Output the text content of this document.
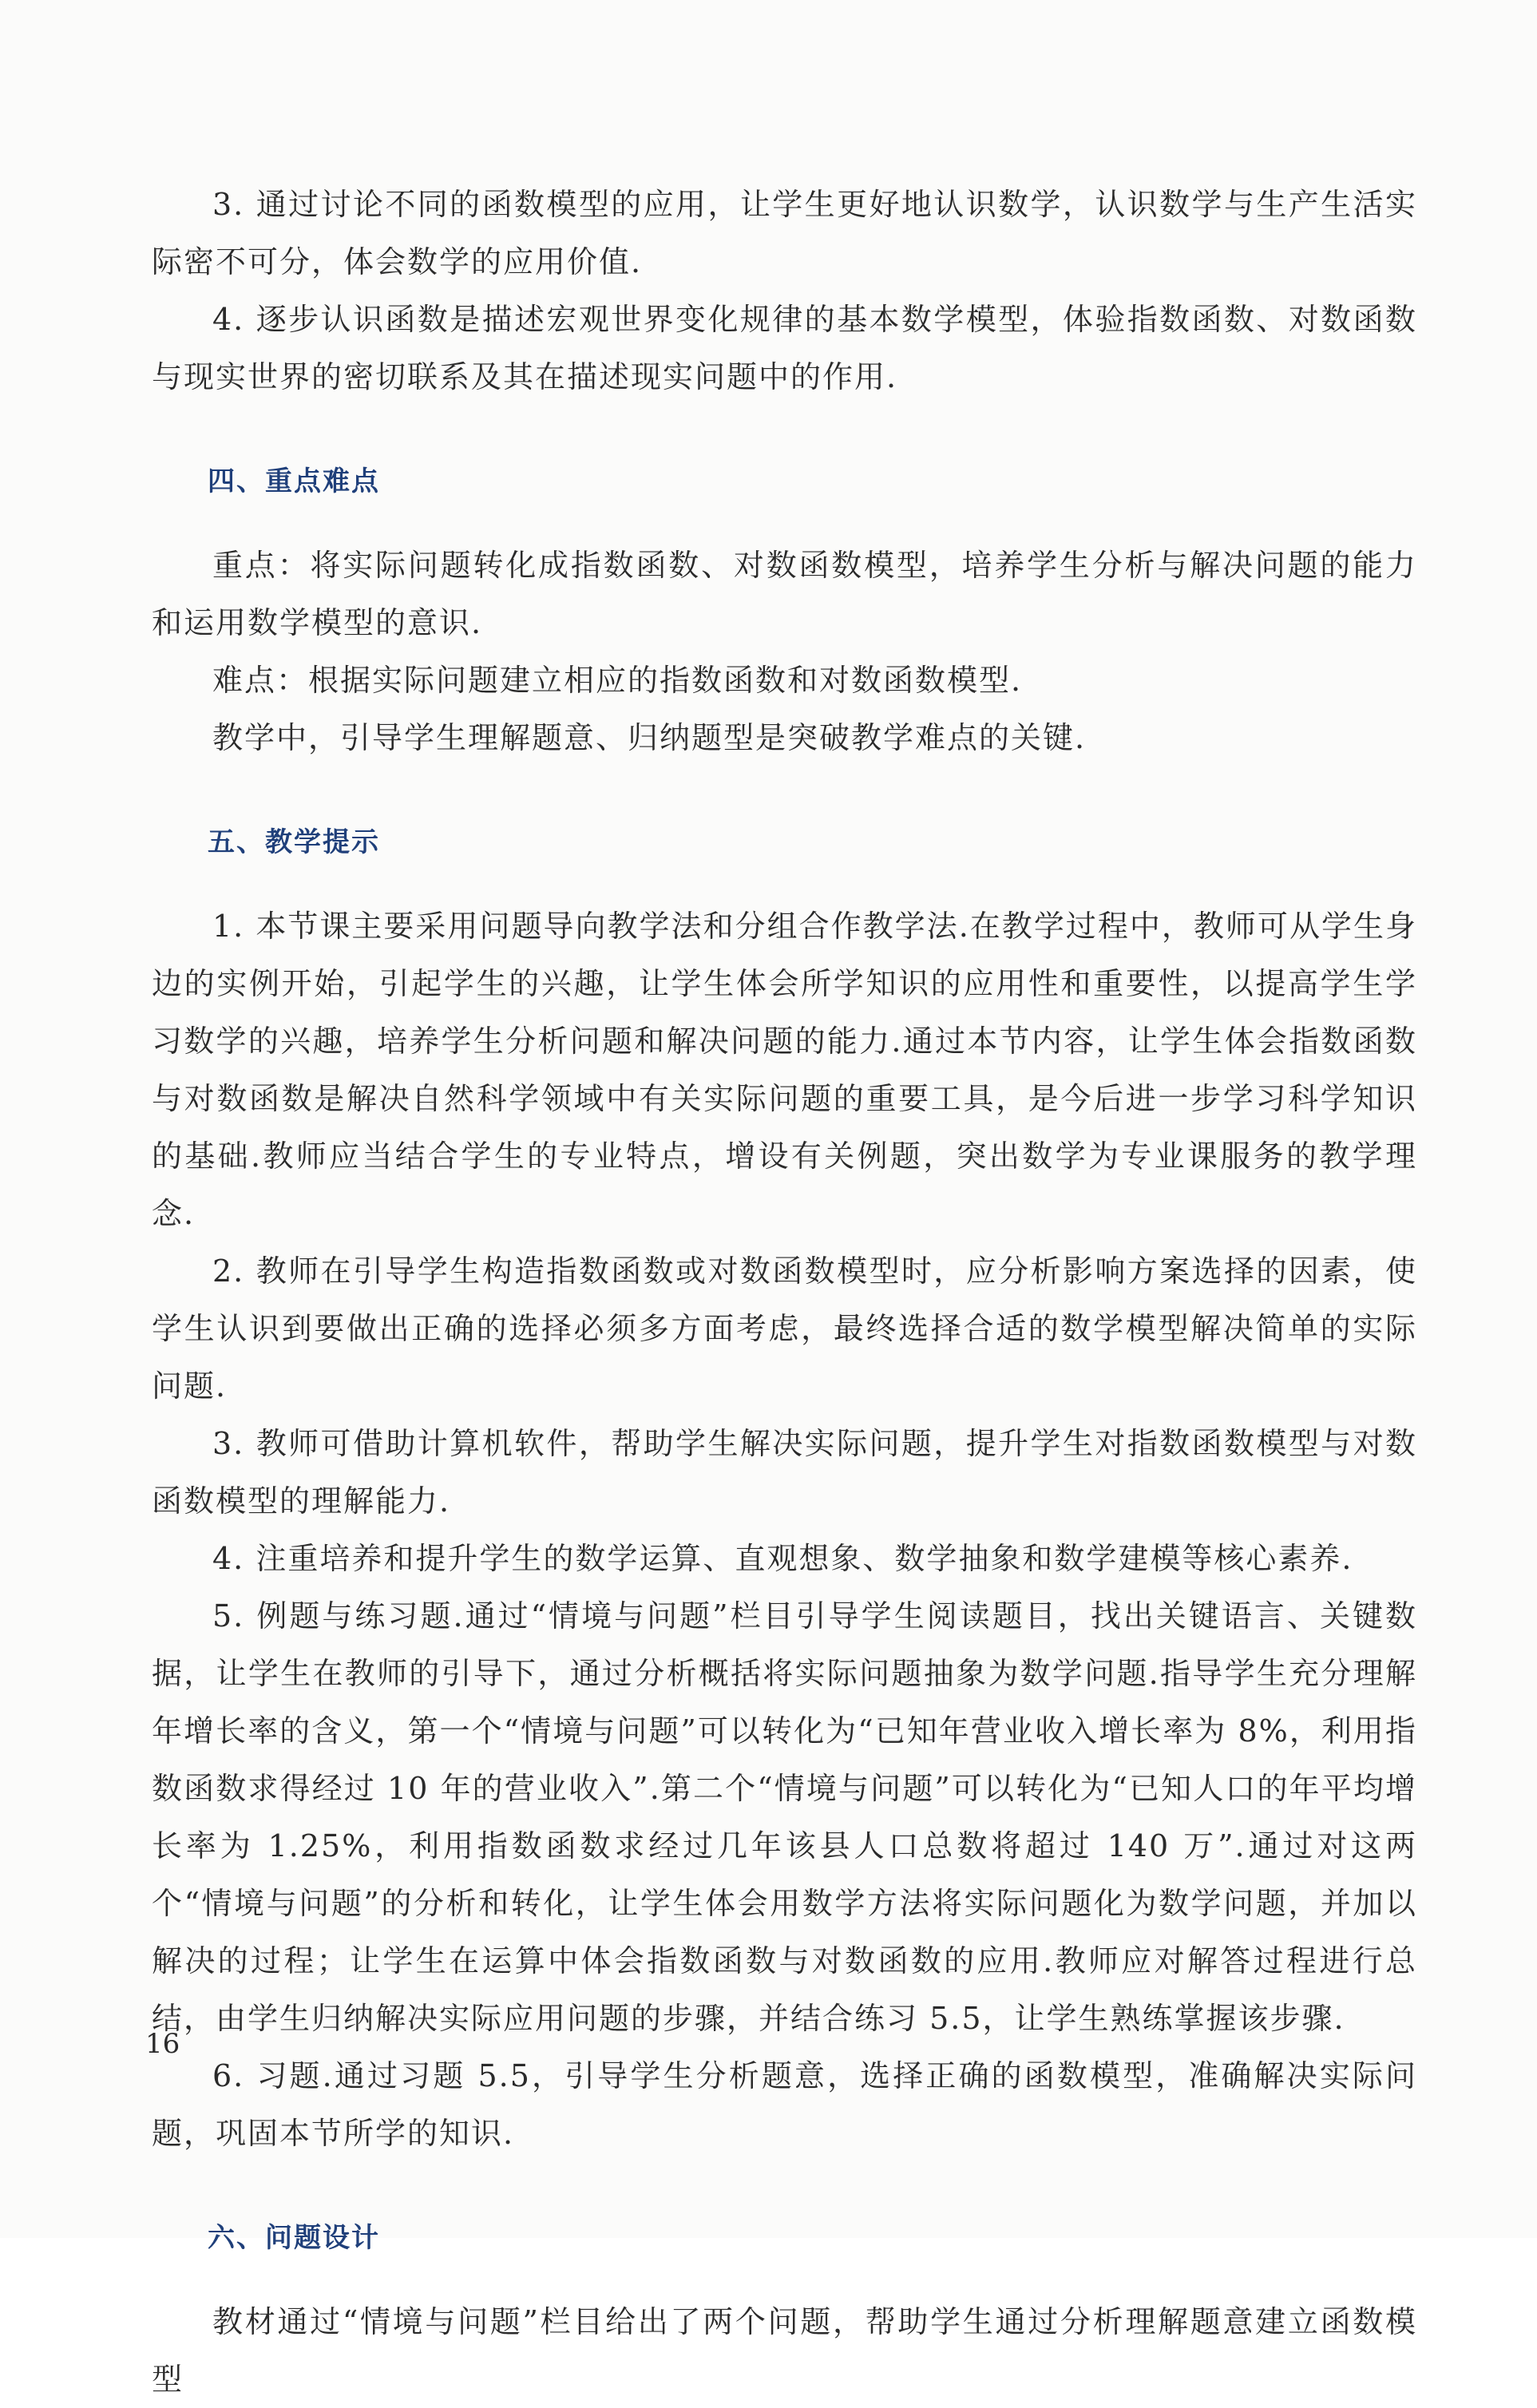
3. 通过讨论不同的函数模型的应用，让学生更好地认识数学，认识数学与生产生活实际密不可分，体会数学的应用价值.

4. 逐步认识函数是描述宏观世界变化规律的基本数学模型，体验指数函数、对数函数与现实世界的密切联系及其在描述现实问题中的作用.

四、重点难点

重点：将实际问题转化成指数函数、对数函数模型，培养学生分析与解决问题的能力和运用数学模型的意识.

难点：根据实际问题建立相应的指数函数和对数函数模型.

教学中，引导学生理解题意、归纳题型是突破教学难点的关键.

五、教学提示

1. 本节课主要采用问题导向教学法和分组合作教学法.在教学过程中，教师可从学生身边的实例开始，引起学生的兴趣，让学生体会所学知识的应用性和重要性，以提高学生学习数学的兴趣，培养学生分析问题和解决问题的能力.通过本节内容，让学生体会指数函数与对数函数是解决自然科学领域中有关实际问题的重要工具，是今后进一步学习科学知识的基础.教师应当结合学生的专业特点，增设有关例题，突出数学为专业课服务的教学理念.

2. 教师在引导学生构造指数函数或对数函数模型时，应分析影响方案选择的因素，使学生认识到要做出正确的选择必须多方面考虑，最终选择合适的数学模型解决简单的实际问题.

3. 教师可借助计算机软件，帮助学生解决实际问题，提升学生对指数函数模型与对数函数模型的理解能力.

4. 注重培养和提升学生的数学运算、直观想象、数学抽象和数学建模等核心素养.

5. 例题与练习题.通过“情境与问题”栏目引导学生阅读题目，找出关键语言、关键数据，让学生在教师的引导下，通过分析概括将实际问题抽象为数学问题.指导学生充分理解年增长率的含义，第一个“情境与问题”可以转化为“已知年营业收入增长率为 8%，利用指数函数求得经过 10 年的营业收入”.第二个“情境与问题”可以转化为“已知人口的年平均增长率为 1.25%，利用指数函数求经过几年该县人口总数将超过 140 万”.通过对这两个“情境与问题”的分析和转化，让学生体会用数学方法将实际问题化为数学问题，并加以解决的过程；让学生在运算中体会指数函数与对数函数的应用.教师应对解答过程进行总结，由学生归纳解决实际应用问题的步骤，并结合练习 5.5，让学生熟练掌握该步骤.

6. 习题.通过习题 5.5，引导学生分析题意，选择正确的函数模型，准确解决实际问题，巩固本节所学的知识.

六、问题设计

教材通过“情境与问题”栏目给出了两个问题，帮助学生通过分析理解题意建立函数模型

16
